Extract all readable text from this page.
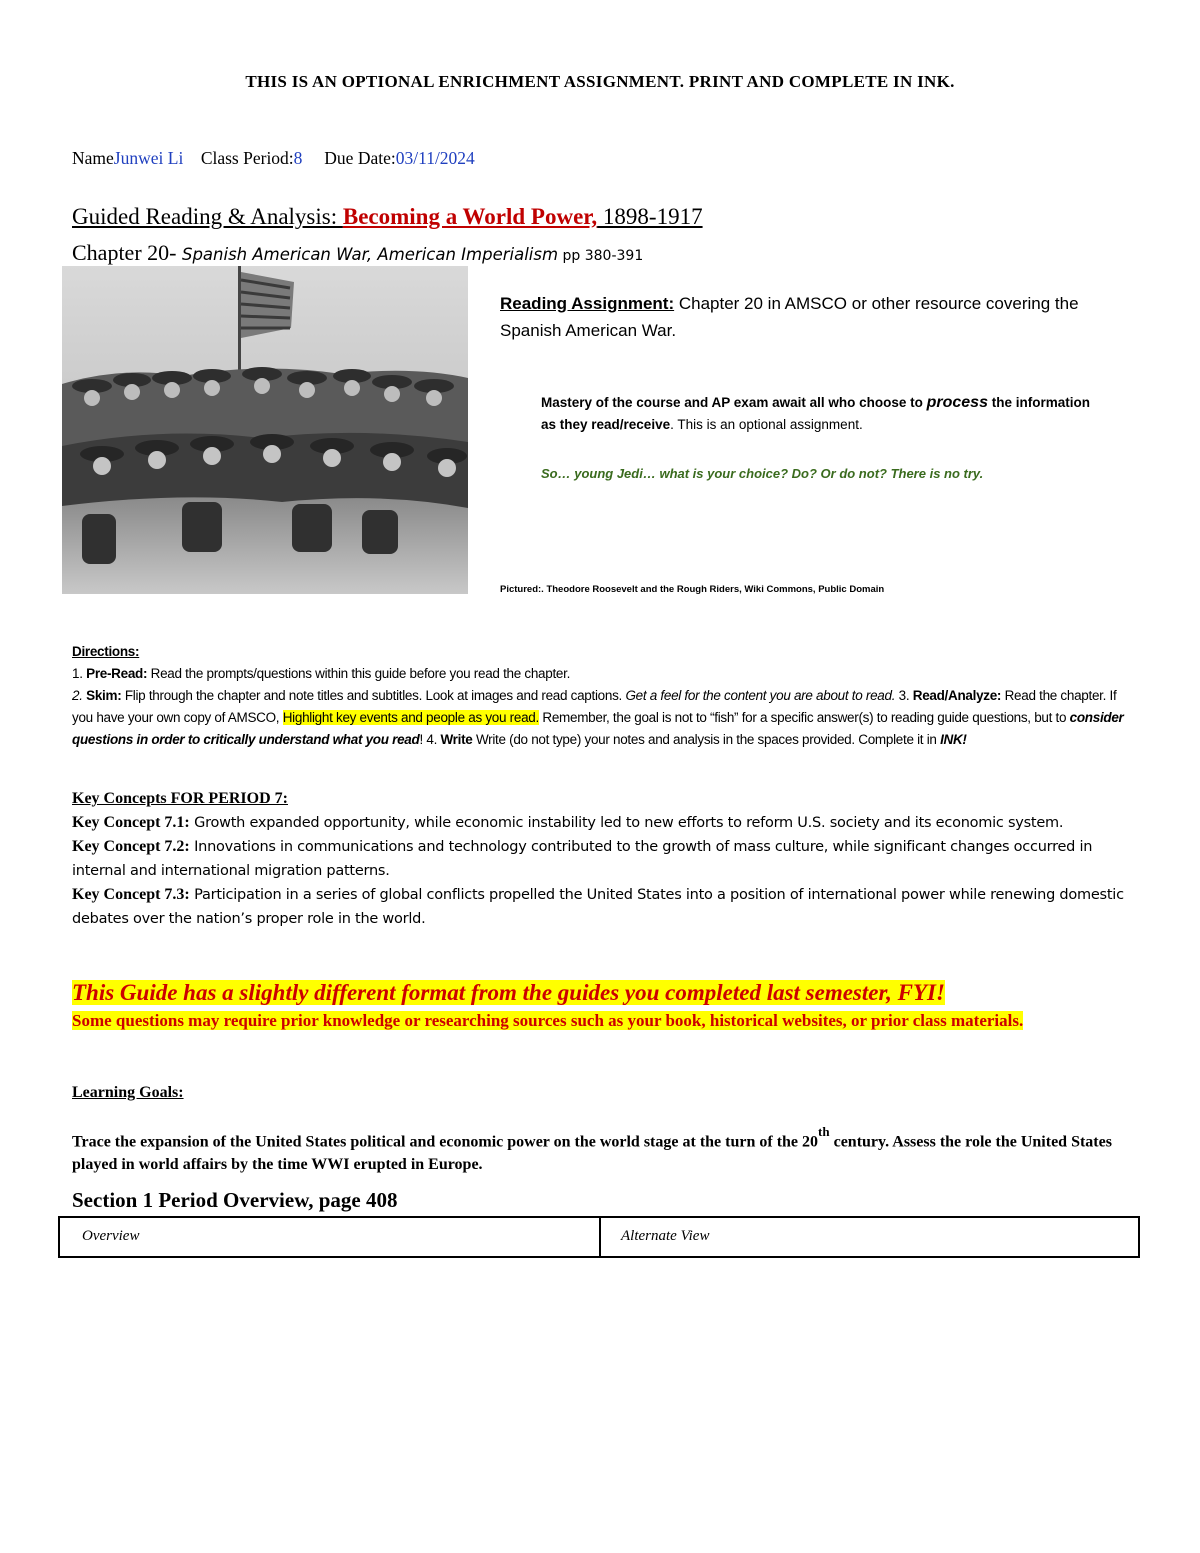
THIS IS AN OPTIONAL ENRICHMENT ASSIGNMENT. PRINT AND COMPLETE IN INK.
NameJunwei Li Class Period:8 Due Date:03/11/2024
Guided Reading & Analysis: Becoming a World Power, 1898-1917
Chapter 20- Spanish American War, American Imperialism pp 380-391
Reading Assignment: Chapter 20 in AMSCO or other resource covering the Spanish American War.
Mastery of the course and AP exam await all who choose to process the information as they read/receive. This is an optional assignment.
So… young Jedi… what is your choice? Do? Or do not? There is no try.
Pictured:. Theodore Roosevelt and the Rough Riders, Wiki Commons, Public Domain
Directions:
1. Pre-Read: Read the prompts/questions within this guide before you read the chapter.
2. Skim: Flip through the chapter and note titles and subtitles. Look at images and read captions. Get a feel for the content you are about to read. 3. Read/Analyze: Read the chapter. If you have your own copy of AMSCO, Highlight key events and people as you read. Remember, the goal is not to “fish” for a specific answer(s) to reading guide questions, but to consider questions in order to critically understand what you read! 4. Write Write (do not type) your notes and analysis in the spaces provided. Complete it in INK!
Key Concepts FOR PERIOD 7:
Key Concept 7.1: Growth expanded opportunity, while economic instability led to new efforts to reform U.S. society and its economic system.
Key Concept 7.2: Innovations in communications and technology contributed to the growth of mass culture, while significant changes occurred in internal and international migration patterns.
Key Concept 7.3: Participation in a series of global conflicts propelled the United States into a position of international power while renewing domestic debates over the nation’s proper role in the world.
This Guide has a slightly different format from the guides you completed last semester, FYI!
Some questions may require prior knowledge or researching sources such as your book, historical websites, or prior class materials.
Learning Goals:
Trace the expansion of the United States political and economic power on the world stage at the turn of the 20th century. Assess the role the United States played in world affairs by the time WWI erupted in Europe.
Section 1 Period Overview, page 408
Overview	Alternate View
